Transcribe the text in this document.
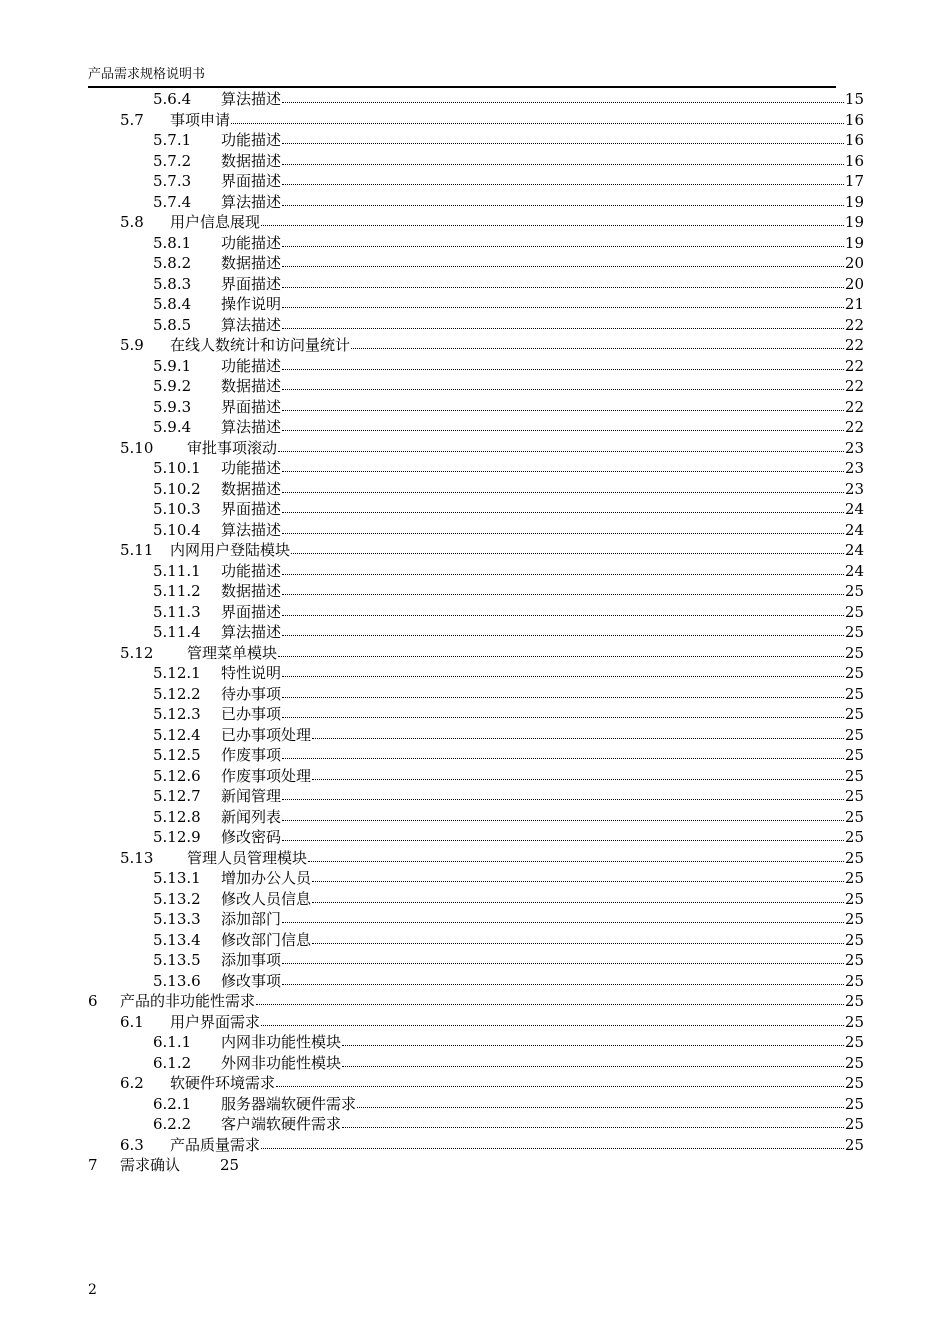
产品需求规格说明书
5.6.4 算法描述	15
5.7 事项申请	16
5.7.1 功能描述	16
5.7.2 数据描述	16
5.7.3 界面描述	17
5.7.4 算法描述	19
5.8 用户信息展现	19
5.8.1 功能描述	19
5.8.2 数据描述	20
5.8.3 界面描述	20
5.8.4 操作说明	21
5.8.5 算法描述	22
5.9 在线人数统计和访问量统计	22
5.9.1 功能描述	22
5.9.2 数据描述	22
5.9.3 界面描述	22
5.9.4 算法描述	22
5.10 审批事项滚动	23
5.10.1 功能描述	23
5.10.2 数据描述	23
5.10.3 界面描述	24
5.10.4 算法描述	24
5.11 内网用户登陆模块	24
5.11.1 功能描述	24
5.11.2 数据描述	25
5.11.3 界面描述	25
5.11.4 算法描述	25
5.12 管理菜单模块	25
5.12.1 特性说明	25
5.12.2 待办事项	25
5.12.3 已办事项	25
5.12.4 已办事项处理	25
5.12.5 作废事项	25
5.12.6 作废事项处理	25
5.12.7 新闻管理	25
5.12.8 新闻列表	25
5.12.9 修改密码	25
5.13 管理人员管理模块	25
5.13.1 增加办公人员	25
5.13.2 修改人员信息	25
5.13.3 添加部门	25
5.13.4 修改部门信息	25
5.13.5 添加事项	25
5.13.6 修改事项	25
6 产品的非功能性需求	25
6.1 用户界面需求	25
6.1.1 内网非功能性模块	25
6.1.2 外网非功能性模块	25
6.2 软硬件环境需求	25
6.2.1 服务器端软硬件需求	25
6.2.2 客户端软硬件需求	25
6.3 产品质量需求	25
7 需求确认	25
2
